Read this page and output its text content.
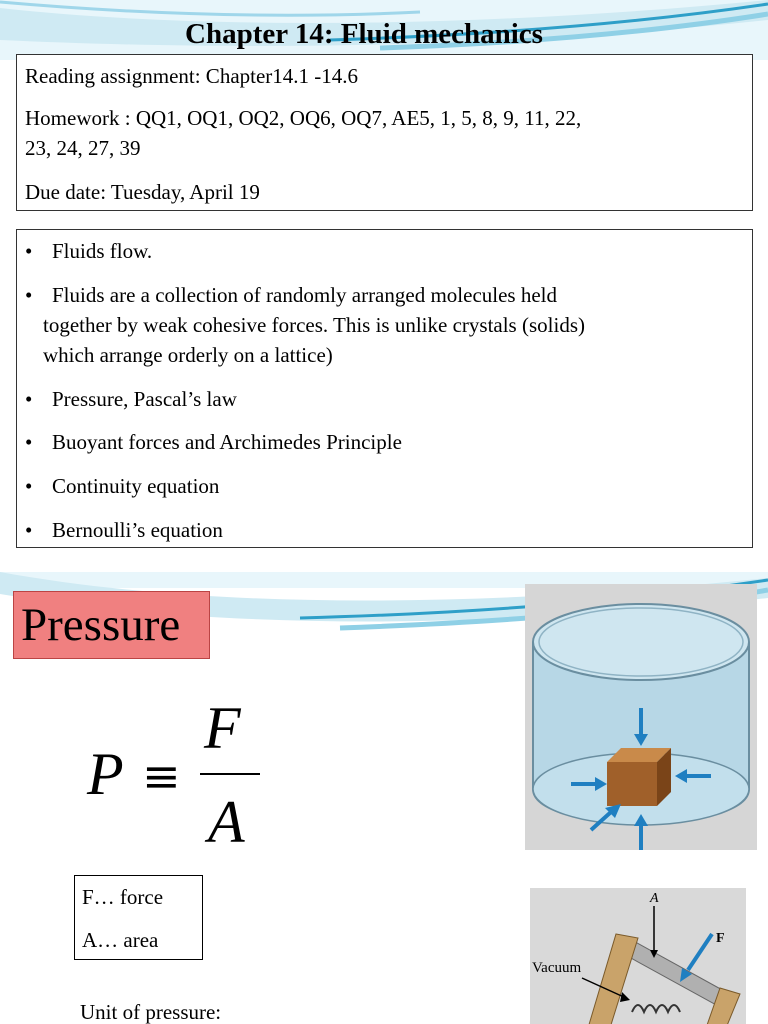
Chapter 14: Fluid mechanics

Reading assignment: Chapter14.1 -14.6

Homework : QQ1, OQ1, OQ2, OQ6, OQ7, AE5, 1, 5, 8, 9, 11, 22,

23, 24, 27, 39

Due date: Tuesday, April 19

• Fluids flow.
• Fluids are a collection of randomly arranged molecules held
together by weak cohesive forces. This is unlike crystals (solids)
which arrange orderly on a lattice)
• Pressure, Pascal’s law
• Buoyant forces and Archimedes Principle
• Continuity equation
• Bernoulli’s equation
Pressure
P ≡
F
A
F… force
A… area
Unit of pressure:
A
F
Vacuum
